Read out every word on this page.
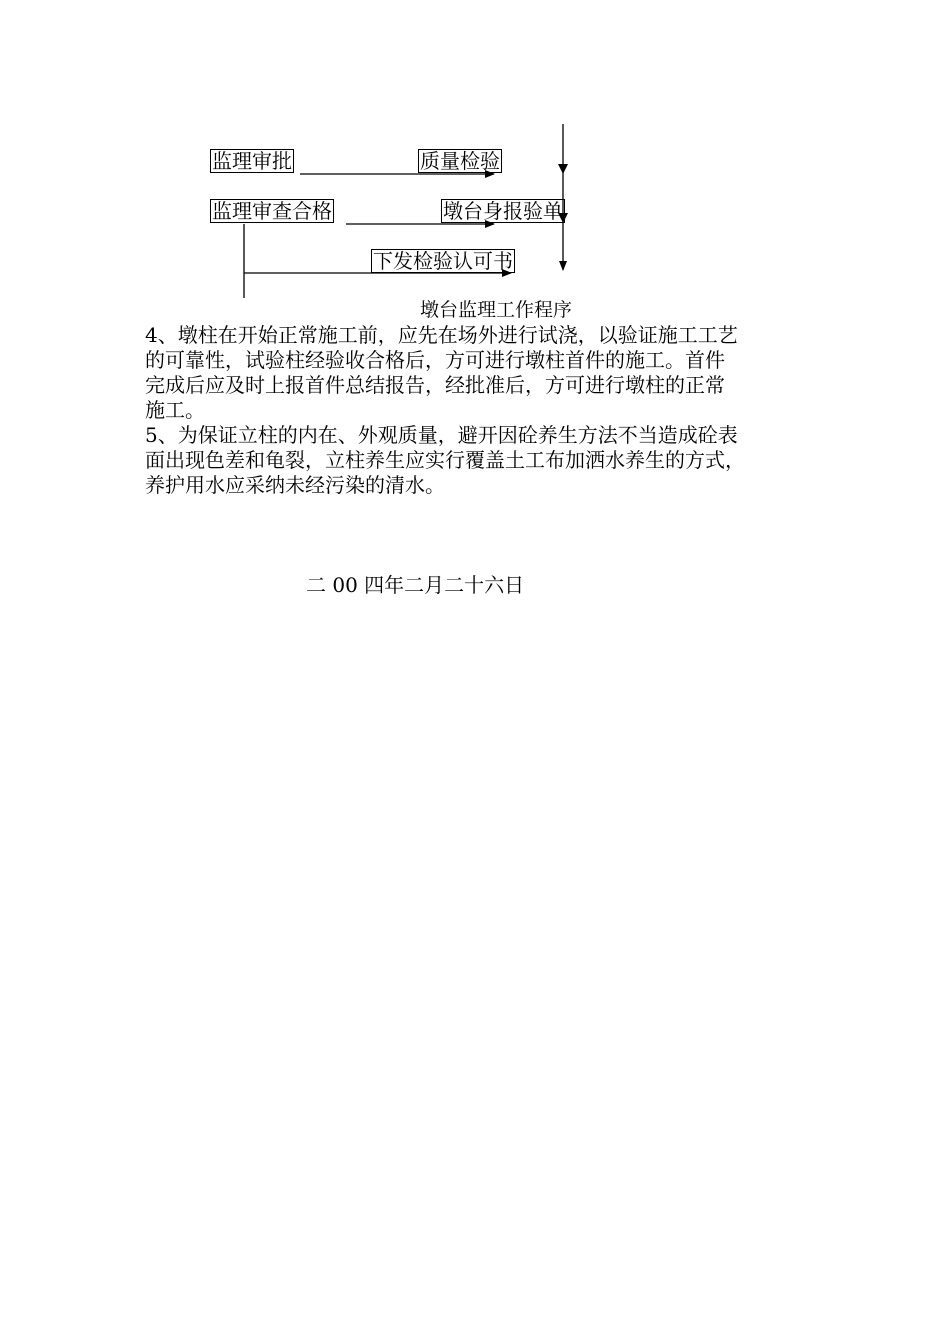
监理审批	质量检验
监理审查合格	墩台身报验单
下发检验认可书
墩台监理工作程序

4、墩柱在开始正常施工前，应先在场外进行试浇，以验证施工工艺

的可靠性，试验柱经验收合格后，方可进行墩柱首件的施工。首件

完成后应及时上报首件总结报告，经批准后，方可进行墩柱的正常

施工。

5、为保证立柱的内在、外观质量，避开因砼养生方法不当造成砼表

面出现色差和龟裂，立柱养生应实行覆盖土工布加洒水养生的方式，

养护用水应采纳未经污染的清水。

二 00 四年二月二十六日
